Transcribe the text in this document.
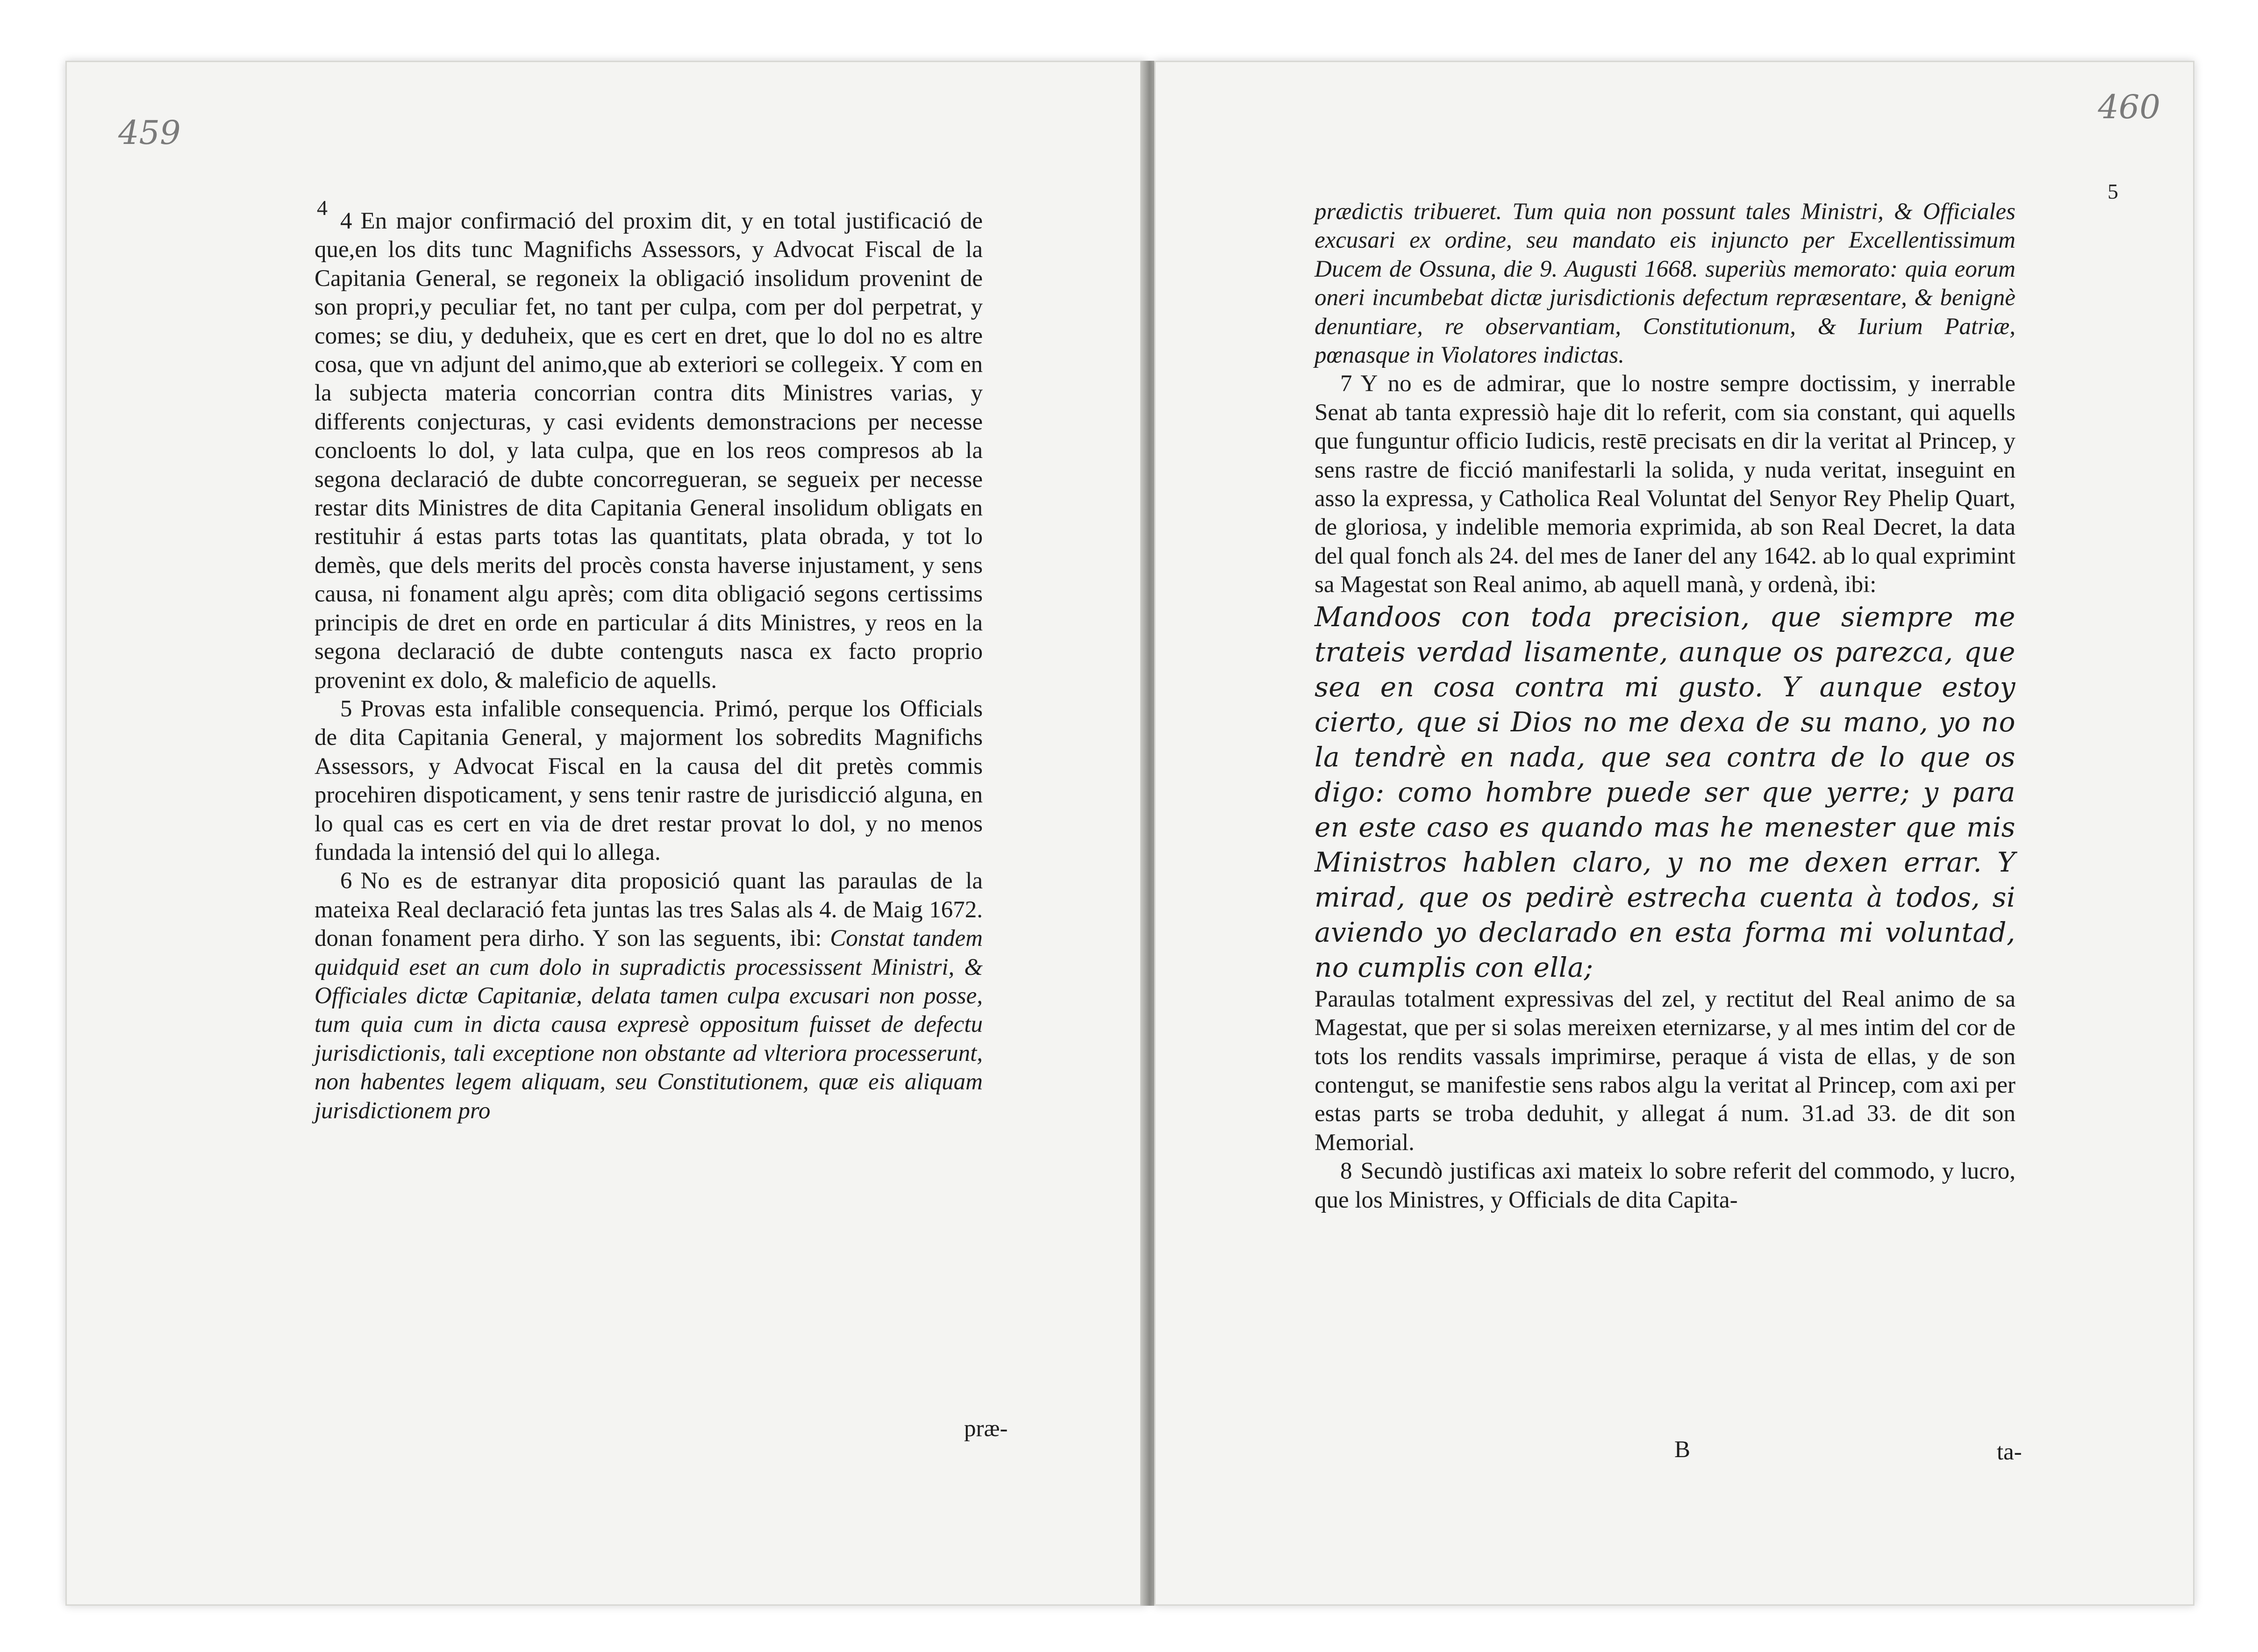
459
4

4 En major confirmació del proxim dit, y en total justificació de que,en los dits tunc Magnifichs Assessors, y Advocat Fiscal de la Capitania General, se regoneix la obligació insolidum provenint de son propri,y peculiar fet, no tant per culpa, com per dol perpetrat, y comes; se diu, y deduheix, que es cert en dret, que lo dol no es altre cosa, que vn adjunt del animo,que ab exteriori se collegeix. Y com en la subjecta materia concorrian contra dits Ministres varias, y differents conjecturas, y casi evidents demonstracions per necesse concloents lo dol, y lata culpa, que en los reos compresos ab la segona declaració de dubte concorregueran, se segueix per necesse restar dits Ministres de dita Capitania General insolidum obligats en restituhir á estas parts totas las quantitats, plata obrada, y tot lo demès, que dels merits del procès consta haverse injustament, y sens causa, ni fonament algu après; com dita obligació segons certissims principis de dret en orde en particular á dits Ministres, y reos en la segona declaració de dubte contenguts nasca ex facto proprio provenint ex dolo, & maleficio de aquells.

5 Provas esta infalible consequencia. Primó, perque los Officials de dita Capitania General, y majorment los sobredits Magnifichs Assessors, y Advocat Fiscal en la causa del dit pretès commis procehiren dispoticament, y sens tenir rastre de jurisdicció alguna, en lo qual cas es cert en via de dret restar provat lo dol, y no menos fundada la intensió del qui lo allega.

6 No es de estranyar dita proposició quant las paraulas de la mateixa Real declaració feta juntas las tres Salas als 4. de Maig 1672. donan fonament pera dirho. Y son las seguents, ibi: Constat tandem quidquid eset an cum dolo in supradictis processissent Ministri, & Officiales dictæ Capitaniæ, delata tamen culpa excusari non posse, tum quia cum in dicta causa expresè oppositum fuisset de defectu jurisdictionis, tali exceptione non obstante ad vlteriora processerunt, non habentes legem aliquam, seu Constitutionem, quæ eis aliquam jurisdictionem pro

præ-
460
5

prædictis tribueret. Tum quia non possunt tales Ministri, & Officiales excusari ex ordine, seu mandato eis injuncto per Excellentissimum Ducem de Ossuna, die 9. Augusti 1668. superiùs memorato: quia eorum oneri incumbebat dictæ jurisdictionis defectum repræsentare, & benignè denuntiare, re observantiam, Constitutionum, & Iurium Patriæ, pœnasque in Violatores indictas.

7 Y no es de admirar, que lo nostre sempre doctissim, y inerrable Senat ab tanta expressiò haje dit lo referit, com sia constant, qui aquells que funguntur officio Iudicis, restē precisats en dir la veritat al Princep, y sens rastre de ficció manifestarli la solida, y nuda veritat, inseguint en asso la expressa, y Catholica Real Voluntat del Senyor Rey Phelip Quart, de gloriosa, y indelible memoria exprimida, ab son Real Decret, la data del qual fonch als 24. del mes de Ianer del any 1642. ab lo qual exprimint sa Magestat son Real animo, ab aquell manà, y ordenà, ibi:

Mandoos con toda precision, que siempre me trateis verdad lisamente, aunque os parezca, que sea en cosa contra mi gusto. Y aunque estoy cierto, que si Dios no me dexa de su mano, yo no la tendrè en nada, que sea contra de lo que os digo: como hombre puede ser que yerre; y para en este caso es quando mas he menester que mis Ministros hablen claro, y no me dexen errar. Y mirad, que os pedirè estrecha cuenta à todos, si aviendo yo declarado en esta forma mi voluntad, no cumplis con ella;

Paraulas totalment expressivas del zel, y rectitut del Real animo de sa Magestat, que per si solas mereixen eternizarse, y al mes intim del cor de tots los rendits vassals imprimirse, peraque á vista de ellas, y de son contengut, se manifestie sens rabos algu la veritat al Princep, com axi per estas parts se troba deduhit, y allegat á num. 31.ad 33. de dit son Memorial.

8 Secundò justificas axi mateix lo sobre referit del commodo, y lucro, que los Ministres, y Officials de dita Capita-

B	ta-
